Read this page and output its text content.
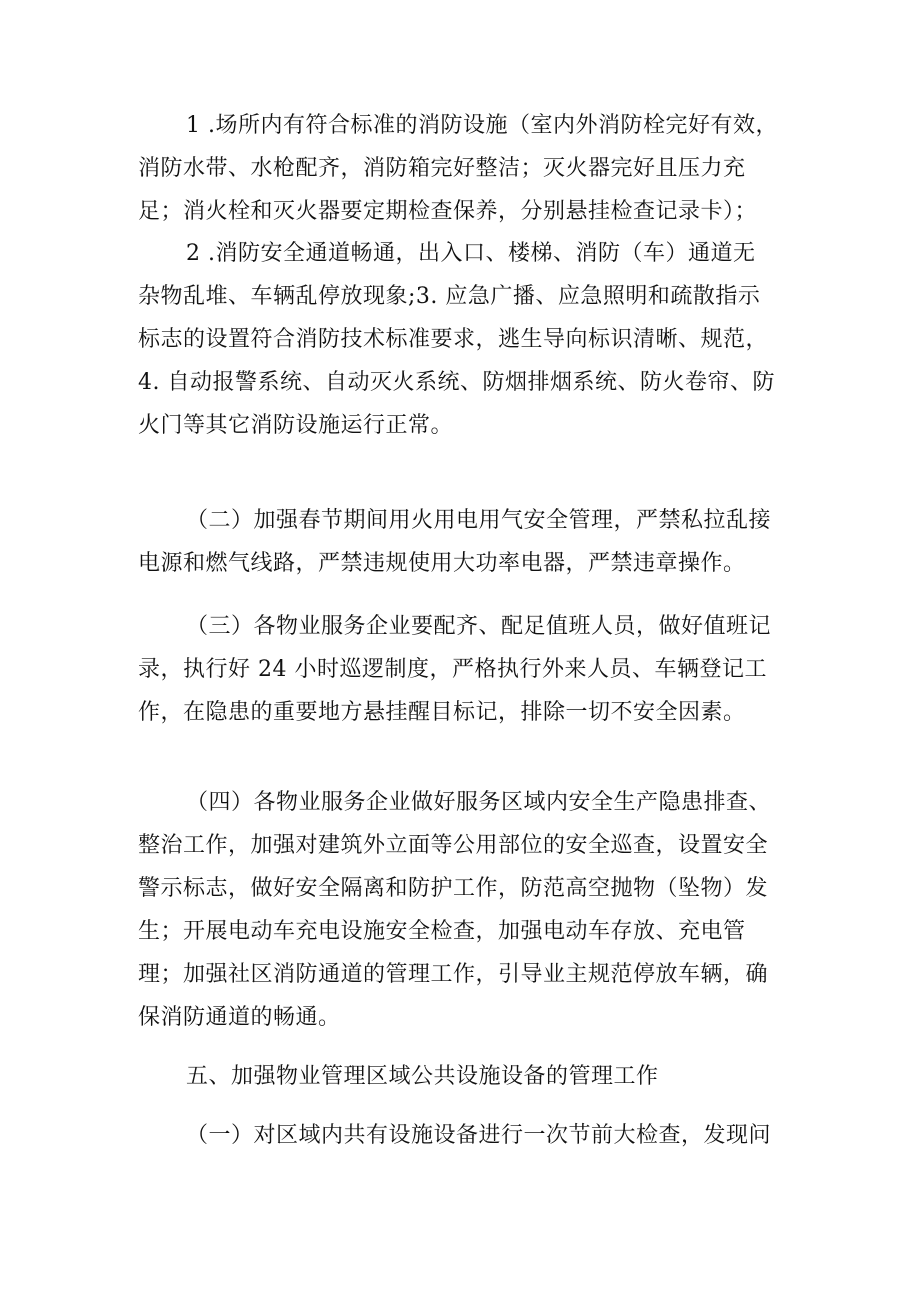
1 .场所内有符合标准的消防设施（室内外消防栓完好有效，
消防水带、水枪配齐，消防箱完好整洁；灭火器完好且压力充
足；消火栓和灭火器要定期检查保养，分别悬挂检查记录卡）；

2 .消防安全通道畅通，出入口、楼梯、消防（车）通道无
杂物乱堆、车辆乱停放现象;3. 应急广播、应急照明和疏散指示
标志的设置符合消防技术标准要求，逃生导向标识清晰、规范，
4. 自动报警系统、自动灭火系统、防烟排烟系统、防火卷帘、防
火门等其它消防设施运行正常。

（二）加强春节期间用火用电用气安全管理，严禁私拉乱接
电源和燃气线路，严禁违规使用大功率电器，严禁违章操作。

（三）各物业服务企业要配齐、配足值班人员，做好值班记
录，执行好 24 小时巡逻制度，严格执行外来人员、车辆登记工
作，在隐患的重要地方悬挂醒目标记，排除一切不安全因素。

（四）各物业服务企业做好服务区域内安全生产隐患排查、
整治工作，加强对建筑外立面等公用部位的安全巡查，设置安全
警示标志，做好安全隔离和防护工作，防范高空抛物（坠物）发
生；开展电动车充电设施安全检查，加强电动车存放、充电管
理；加强社区消防通道的管理工作，引导业主规范停放车辆，确
保消防通道的畅通。

五、加强物业管理区域公共设施设备的管理工作

（一）对区域内共有设施设备进行一次节前大检查，发现问
